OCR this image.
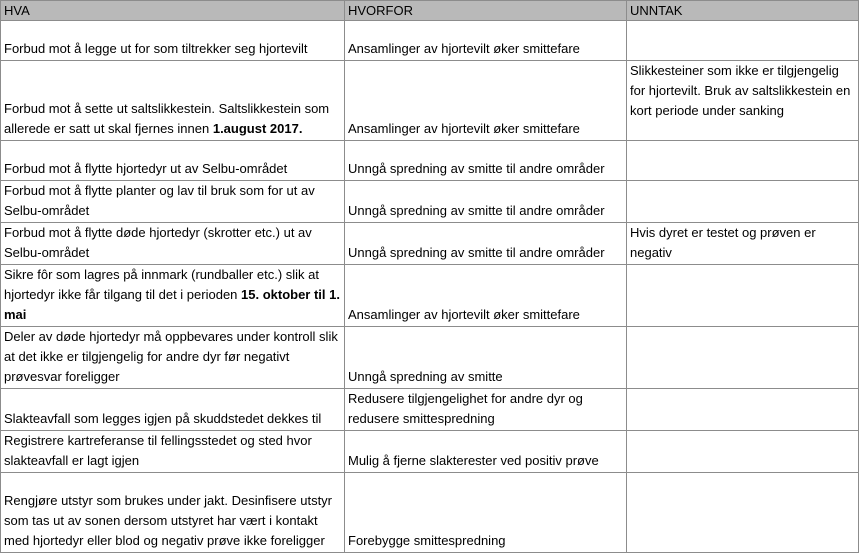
HVA	HVORFOR	UNNTAK
Forbud mot å legge ut for som tiltrekker seg hjortevilt	Ansamlinger av hjortevilt øker smittefare	
Forbud mot å sette ut saltslikkestein. Saltslikkestein som allerede er satt ut skal fjernes innen 1.august 2017.	Ansamlinger av hjortevilt øker smittefare	Slikkesteiner som ikke er tilgjengelig for hjortevilt. Bruk av saltslikkestein en kort periode under sanking
Forbud mot å flytte hjortedyr ut av Selbu-området	Unngå spredning av smitte til andre områder	
Forbud mot å flytte planter og lav til bruk som for ut av Selbu-området	Unngå spredning av smitte til andre områder	
Forbud mot å flytte døde hjortedyr (skrotter etc.) ut av Selbu-området	Unngå spredning av smitte til andre områder	Hvis dyret er testet og prøven er negativ
Sikre fôr som lagres på innmark (rundballer etc.) slik at hjortedyr ikke får tilgang til det i perioden 15. oktober til 1. mai	Ansamlinger av hjortevilt øker smittefare	
Deler av døde hjortedyr må oppbevares under kontroll slik at det ikke er tilgjengelig for andre dyr før negativt prøvesvar foreligger	Unngå spredning av smitte	
Slakteavfall som legges igjen på skuddstedet dekkes til	Redusere tilgjengelighet for andre dyr og redusere smittespredning	
Registrere kartreferanse til fellingsstedet og sted hvor slakteavfall er lagt igjen	Mulig å fjerne slakterester ved positiv prøve	
Rengjøre utstyr som brukes under jakt. Desinfisere utstyr som tas ut av sonen dersom utstyret har vært i kontakt med hjortedyr eller blod og negativ prøve ikke foreligger	Forebygge smittespredning	
